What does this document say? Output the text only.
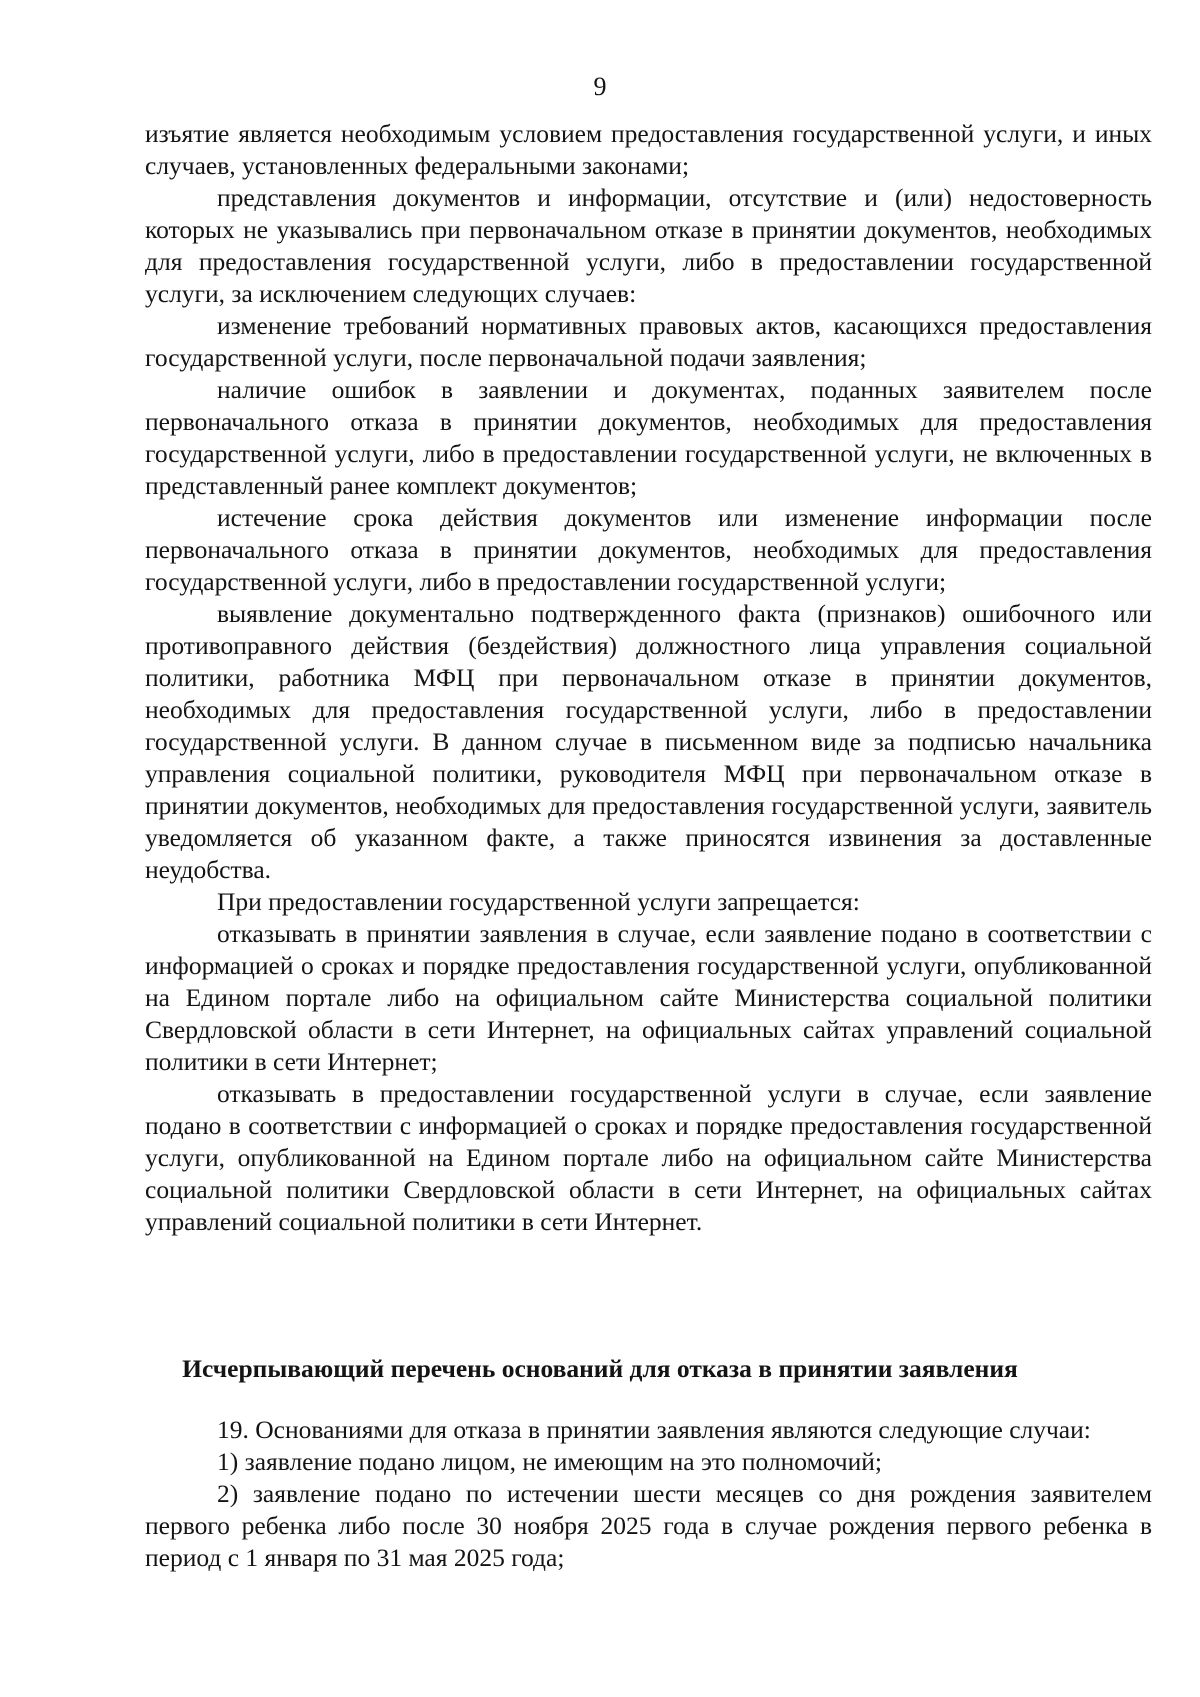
9

изъятие является необходимым условием предоставления государственной услуги, и иных случаев, установленных федеральными законами;

представления документов и информации, отсутствие и (или) недостоверность которых не указывались при первоначальном отказе в принятии документов, необходимых для предоставления государственной услуги, либо в предоставлении государственной услуги, за исключением следующих случаев:

изменение требований нормативных правовых актов, касающихся предоставления государственной услуги, после первоначальной подачи заявления;

наличие ошибок в заявлении и документах, поданных заявителем после первоначального отказа в принятии документов, необходимых для предоставления государственной услуги, либо в предоставлении государственной услуги, не включенных в представленный ранее комплект документов;

истечение срока действия документов или изменение информации после первоначального отказа в принятии документов, необходимых для предоставления государственной услуги, либо в предоставлении государственной услуги;

выявление документально подтвержденного факта (признаков) ошибочного или противоправного действия (бездействия) должностного лица управления социальной политики, работника МФЦ при первоначальном отказе в принятии документов, необходимых для предоставления государственной услуги, либо в предоставлении государственной услуги. В данном случае в письменном виде за подписью начальника управления социальной политики, руководителя МФЦ при первоначальном отказе в принятии документов, необходимых для предоставления государственной услуги, заявитель уведомляется об указанном факте, а также приносятся извинения за доставленные неудобства.

При предоставлении государственной услуги запрещается:

отказывать в принятии заявления в случае, если заявление подано в соответствии с информацией о сроках и порядке предоставления государственной услуги, опубликованной на Едином портале либо на официальном сайте Министерства социальной политики Свердловской области в сети Интернет, на официальных сайтах управлений социальной политики в сети Интернет;

отказывать в предоставлении государственной услуги в случае, если заявление подано в соответствии с информацией о сроках и порядке предоставления государственной услуги, опубликованной на Едином портале либо на официальном сайте Министерства социальной политики Свердловской области в сети Интернет, на официальных сайтах управлений социальной политики в сети Интернет.

Исчерпывающий перечень оснований для отказа в принятии заявления

19. Основаниями для отказа в принятии заявления являются следующие случаи:

1) заявление подано лицом, не имеющим на это полномочий;

2) заявление подано по истечении шести месяцев со дня рождения заявителем первого ребенка либо после 30 ноября 2025 года в случае рождения первого ребенка в период с 1 января по 31 мая 2025 года;
